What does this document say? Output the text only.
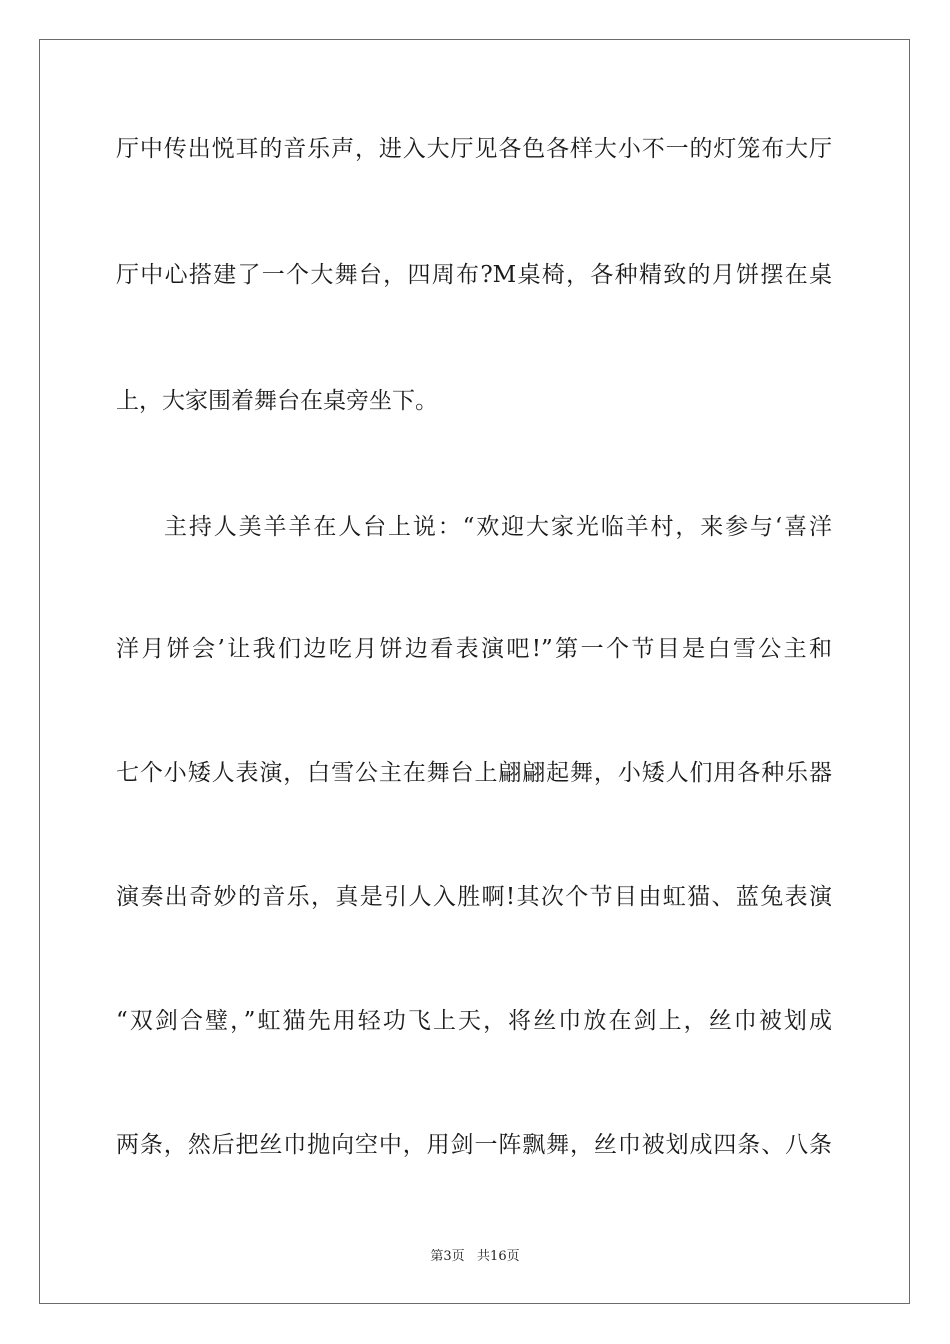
厅中传出悦耳的音乐声，进入大厅见各色各样大小不一的灯笼布大厅
厅中心搭建了一个大舞台，四周布?M桌椅，各种精致的月饼摆在桌
上，大家围着舞台在桌旁坐下。
主持人美羊羊在人台上说：“欢迎大家光临羊村，来参与‘喜洋
洋月饼会’让我们边吃月饼边看表演吧!”第一个节目是白雪公主和
七个小矮人表演，白雪公主在舞台上翩翩起舞，小矮人们用各种乐器
演奏出奇妙的音乐，真是引人入胜啊!其次个节目由虹猫、蓝兔表演
“双剑合璧，”虹猫先用轻功飞上天，将丝巾放在剑上，丝巾被划成
两条，然后把丝巾抛向空中，用剑一阵飘舞，丝巾被划成四条、八条
第3页   共16页
